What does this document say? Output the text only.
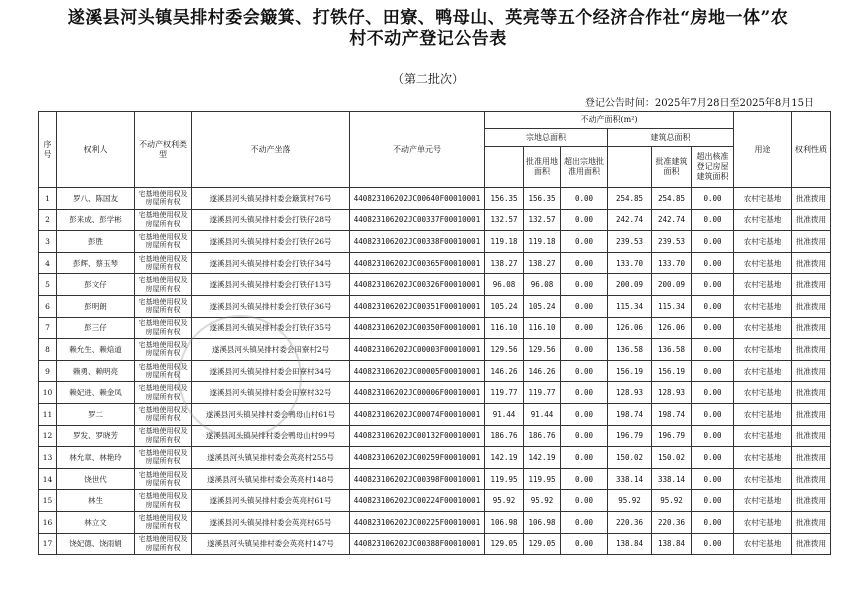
遂溪县河头镇吴排村委会簸箕、打铁仔、田寮、鸭母山、英亮等五个经济合作社“房地一体”农
村不动产登记公告表
（第二批次）
登记公告时间：2025年7月28日至2025年8月15日
序号	权利人	不动产权利类型	不动产坐落	不动产单元号	不动产面积(m²)						用途	权利性质
					宗地总面积			建筑总面积				
						批准用地面积	超出宗地批准用面积		批准建筑面积	超出核准登记房屋建筑面积		
1	罗八、陈国友	宅基地使用权及房屋所有权	遂溪县河头镇吴排村委会簸箕村76号	440823106202JC00640F00010001	156.35	156.35	0.00	254.85	254.85	0.00	农村宅基地	批准拨用
2	彭来成、彭学彬	宅基地使用权及房屋所有权	遂溪县河头镇吴排村委会打铁仔28号	440823106202JC00337F00010001	132.57	132.57	0.00	242.74	242.74	0.00	农村宅基地	批准拨用
3	彭胜	宅基地使用权及房屋所有权	遂溪县河头镇吴排村委会打铁仔26号	440823106202JC00338F00010001	119.18	119.18	0.00	239.53	239.53	0.00	农村宅基地	批准拨用
4	彭辉、蔡玉琴	宅基地使用权及房屋所有权	遂溪县河头镇吴排村委会打铁仔34号	440823106202JC00365F00010001	138.27	138.27	0.00	133.70	133.70	0.00	农村宅基地	批准拨用
5	彭文仔	宅基地使用权及房屋所有权	遂溪县河头镇吴排村委会打铁仔13号	440823106202JC00326F00010001	96.08	96.08	0.00	200.09	200.09	0.00	农村宅基地	批准拨用
6	彭明朗	宅基地使用权及房屋所有权	遂溪县河头镇吴排村委会打铁仔36号	440823106202JC00351F00010001	105.24	105.24	0.00	115.34	115.34	0.00	农村宅基地	批准拨用
7	彭三仔	宅基地使用权及房屋所有权	遂溪县河头镇吴排村委会打铁仔35号	440823106202JC00350F00010001	116.10	116.10	0.00	126.06	126.06	0.00	农村宅基地	批准拨用
8	赖允生、赖焙道	宅基地使用权及房屋所有权	遂溪县河头镇吴排村委会田寮村2号	440823106202JC00003F00010001	129.56	129.56	0.00	136.58	136.58	0.00	农村宅基地	批准拨用
9	赖勇、赖明亮	宅基地使用权及房屋所有权	遂溪县河头镇吴排村委会田寮村34号	440823106202JC00005F00010001	146.26	146.26	0.00	156.19	156.19	0.00	农村宅基地	批准拨用
10	赖妃进、赖金凤	宅基地使用权及房屋所有权	遂溪县河头镇吴排村委会田寮村32号	440823106202JC00006F00010001	119.77	119.77	0.00	128.93	128.93	0.00	农村宅基地	批准拨用
11	罗二	宅基地使用权及房屋所有权	遂溪县河头镇吴排村委会鸭母山村61号	440823106202JC00074F00010001	91.44	91.44	0.00	198.74	198.74	0.00	农村宅基地	批准拨用
12	罗发、罗晓芳	宅基地使用权及房屋所有权	遂溪县河头镇吴排村委会鸭母山村99号	440823106202JC00132F00010001	186.76	186.76	0.00	196.79	196.79	0.00	农村宅基地	批准拨用
13	林允章、林艳玲	宅基地使用权及房屋所有权	遂溪县河头镇吴排村委会英亮村255号	440823106202JC00259F00010001	142.19	142.19	0.00	150.02	150.02	0.00	农村宅基地	批准拨用
14	饶世代	宅基地使用权及房屋所有权	遂溪县河头镇吴排村委会英亮村148号	440823106202JC00398F00010001	119.95	119.95	0.00	338.14	338.14	0.00	农村宅基地	批准拨用
15	林生	宅基地使用权及房屋所有权	遂溪县河头镇吴排村委会英亮村61号	440823106202JC00224F00010001	95.92	95.92	0.00	95.92	95.92	0.00	农村宅基地	批准拨用
16	林立文	宅基地使用权及房屋所有权	遂溪县河头镇吴排村委会英亮村65号	440823106202JC00225F00010001	106.98	106.98	0.00	220.36	220.36	0.00	农村宅基地	批准拨用
17	饶妃德、饶雨娟	宅基地使用权及房屋所有权	遂溪县河头镇吴排村委会英亮村147号	440823106202JC00388F00010001	129.05	129.05	0.00	138.84	138.84	0.00	农村宅基地	批准拨用
